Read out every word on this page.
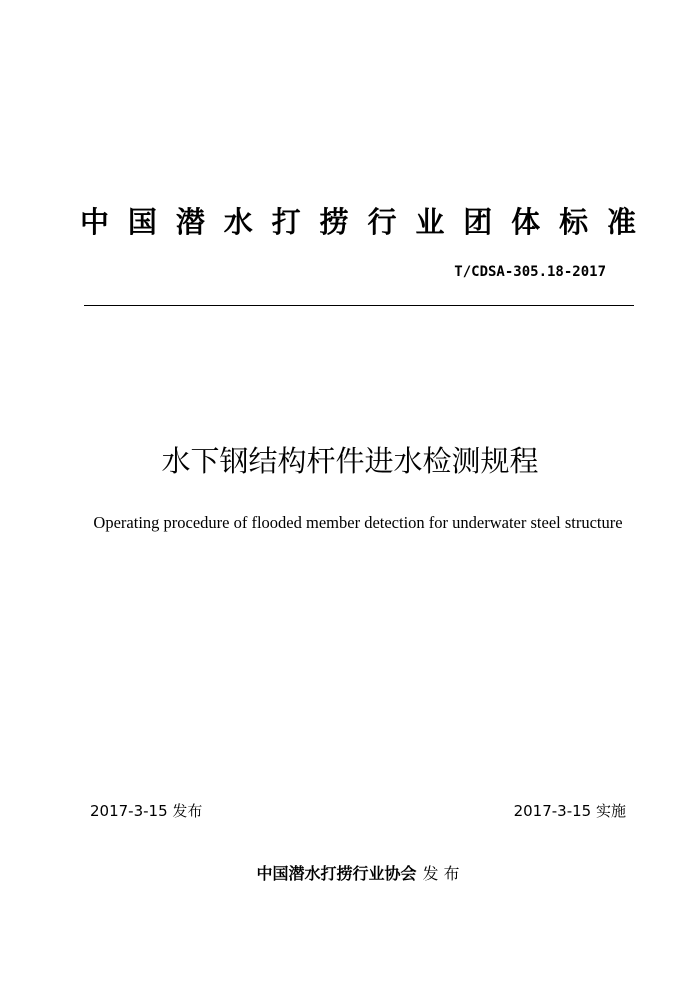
中 国 潜 水 打 捞 行 业 团 体 标 准
T/CDSA-305.18-2017
水下钢结构杆件进水检测规程
Operating procedure of flooded member detection for underwater steel structure
2017-3-15 发布	2017-3-15 实施
中国潜水打捞行业协会 发 布
